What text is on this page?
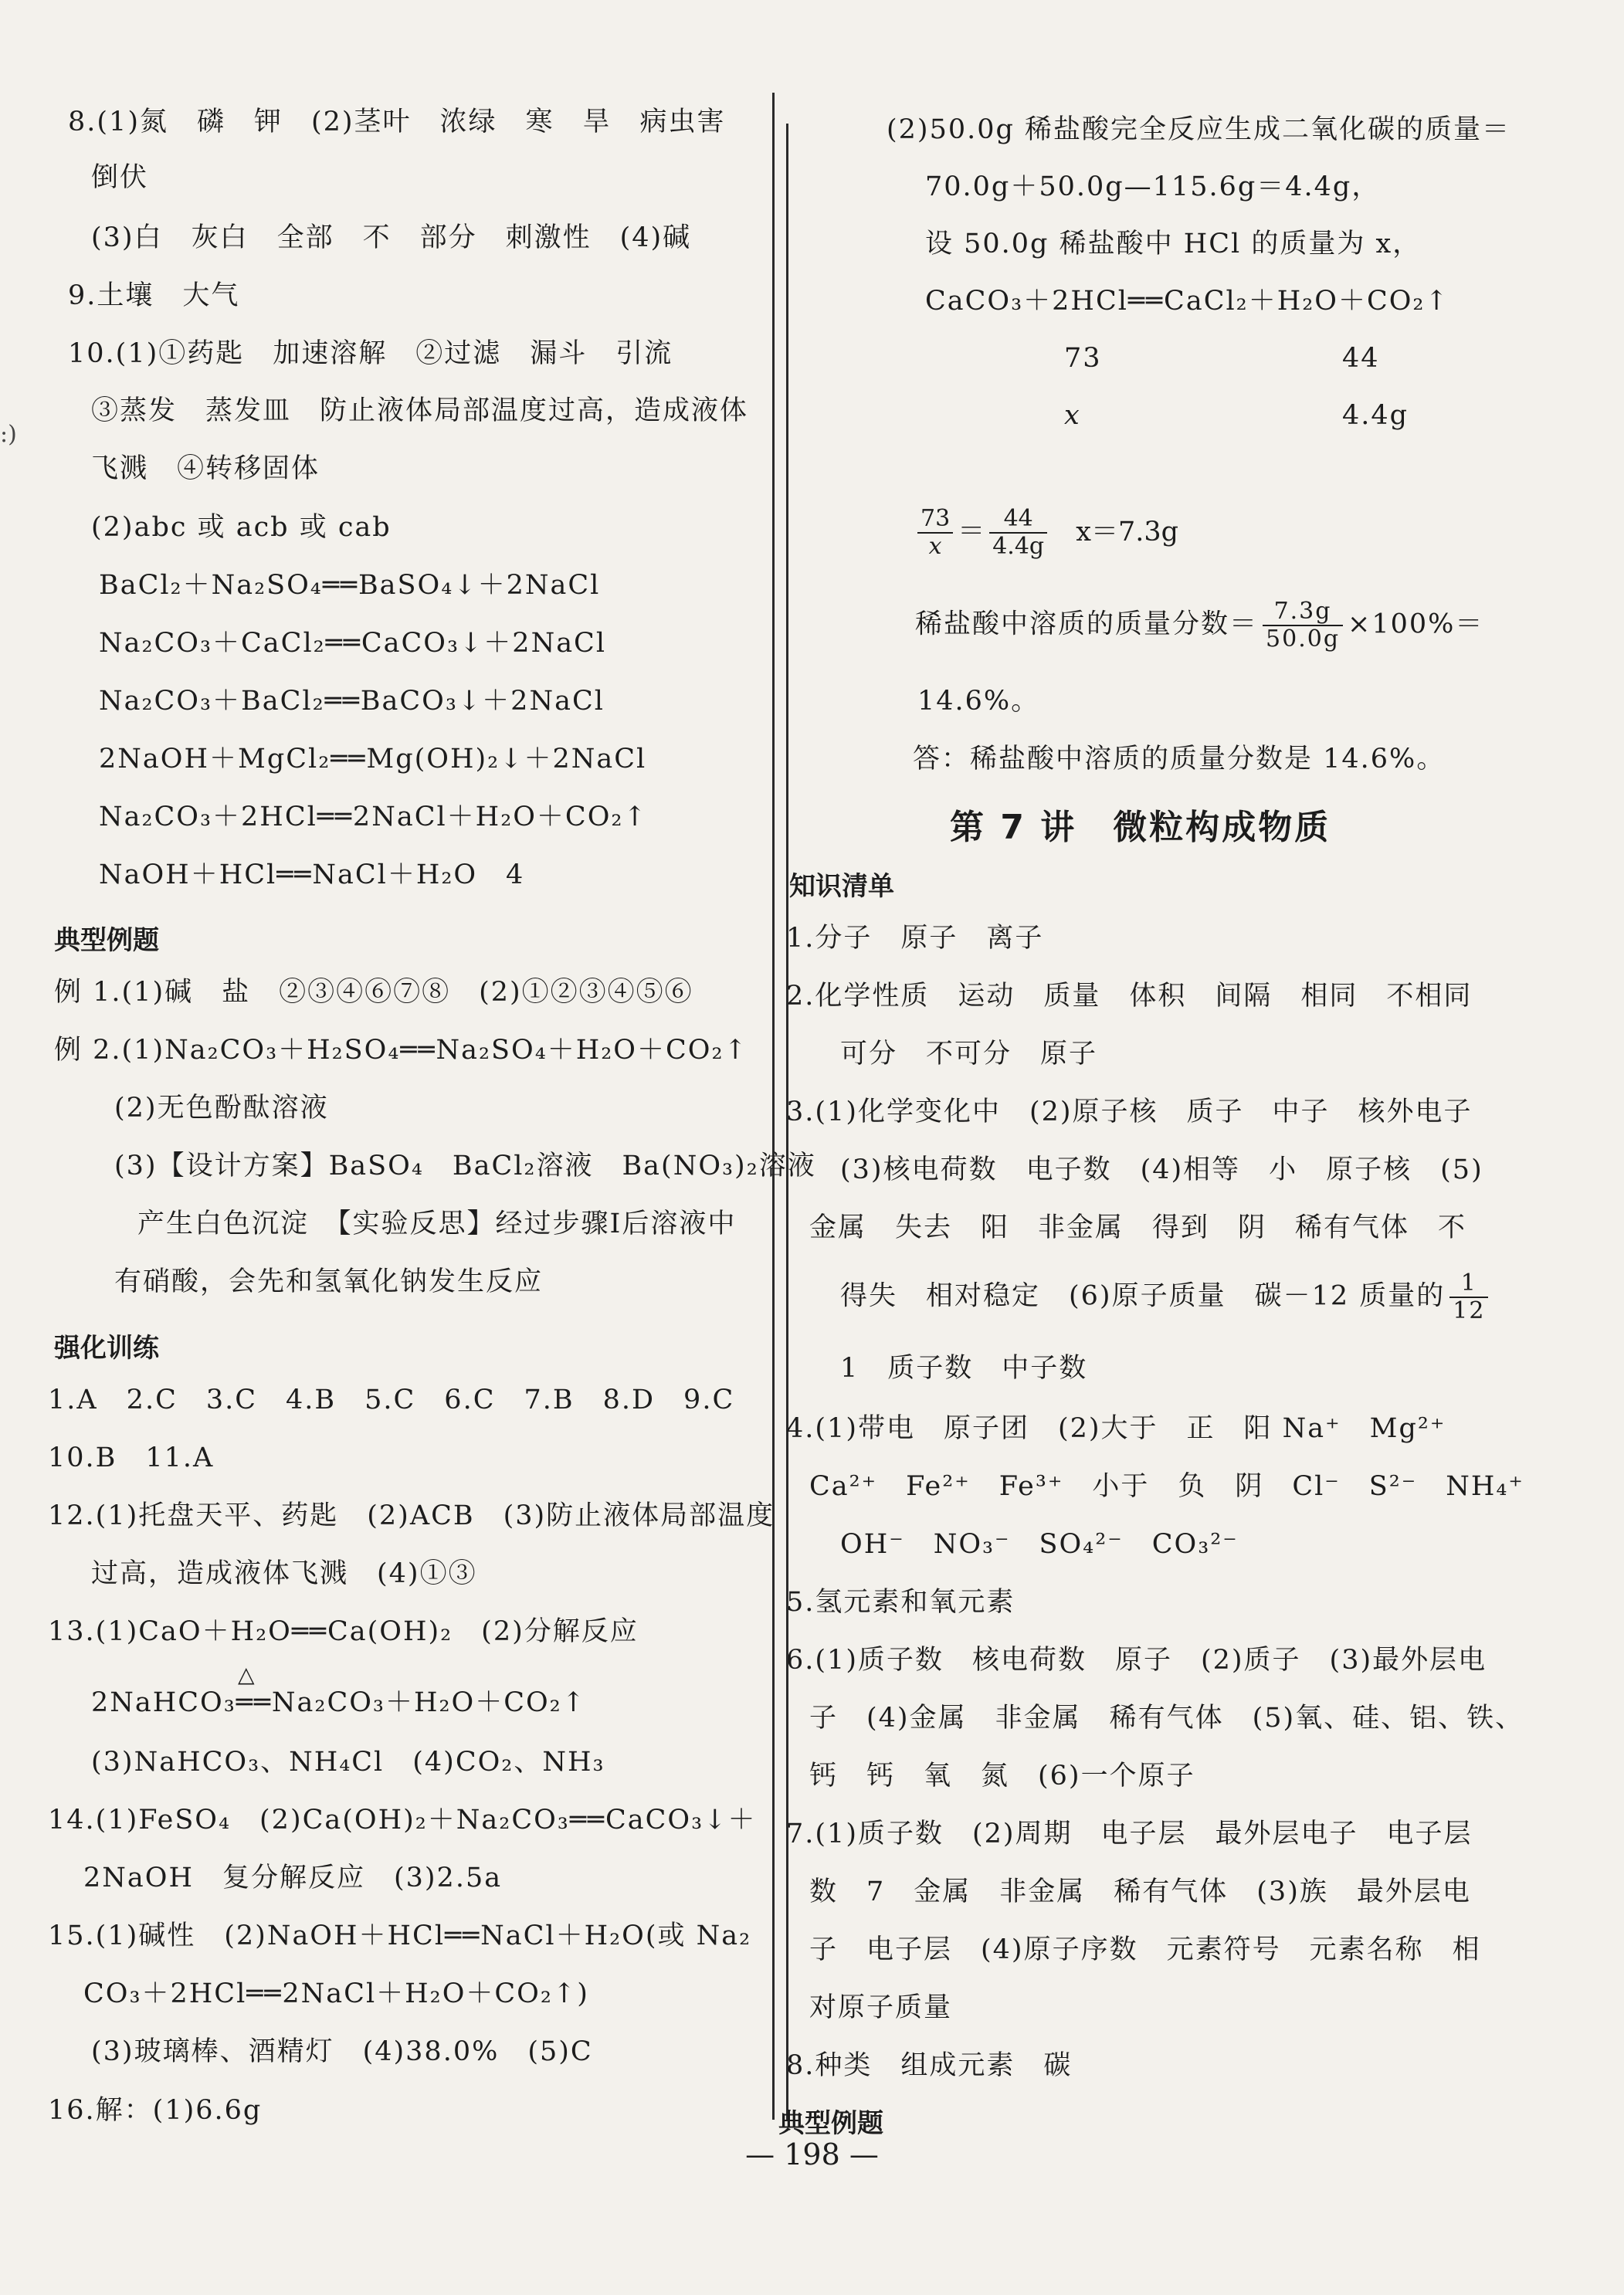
:)
8.(1)氮　磷　钾　(2)茎叶　浓绿　寒　旱　病虫害
倒伏
(3)白　灰白　全部　不　部分　刺激性　(4)碱
9.土壤　大气
10.(1)①药匙　加速溶解　②过滤　漏斗　引流
③蒸发　蒸发皿　防止液体局部温度过高，造成液体
飞溅　④转移固体
(2)abc 或 acb 或 cab
BaCl₂＋Na₂SO₄══BaSO₄↓＋2NaCl
Na₂CO₃＋CaCl₂══CaCO₃↓＋2NaCl
Na₂CO₃＋BaCl₂══BaCO₃↓＋2NaCl
2NaOH＋MgCl₂══Mg(OH)₂↓＋2NaCl
Na₂CO₃＋2HCl══2NaCl＋H₂O＋CO₂↑
NaOH＋HCl══NaCl＋H₂O　4
典型例题
例 1.(1)碱　盐　②③④⑥⑦⑧　(2)①②③④⑤⑥
例 2.(1)Na₂CO₃＋H₂SO₄══Na₂SO₄＋H₂O＋CO₂↑
(2)无色酚酞溶液
(3)【设计方案】BaSO₄　BaCl₂溶液　Ba(NO₃)₂溶液
产生白色沉淀　【实验反思】经过步骤Ⅰ后溶液中
有硝酸，会先和氢氧化钠发生反应
强化训练
1.A　2.C　3.C　4.B　5.C　6.C　7.B　8.D　9.C
10.B　11.A
12.(1)托盘天平、药匙　(2)ACB　(3)防止液体局部温度
过高，造成液体飞溅　(4)①③
13.(1)CaO＋H₂O══Ca(OH)₂　(2)分解反应
2NaHCO₃══Na₂CO₃＋H₂O＋CO₂↑
△
(3)NaHCO₃、NH₄Cl　(4)CO₂、NH₃
14.(1)FeSO₄　(2)Ca(OH)₂＋Na₂CO₃══CaCO₃↓＋
2NaOH　复分解反应　(3)2.5a
15.(1)碱性　(2)NaOH＋HCl══NaCl＋H₂O(或 Na₂
CO₃＋2HCl══2NaCl＋H₂O＋CO₂↑)
(3)玻璃棒、酒精灯　(4)38.0%　(5)C
16.解：(1)6.6g
(2)50.0g 稀盐酸完全反应生成二氧化碳的质量＝
70.0g＋50.0g—115.6g＝4.4g，
设 50.0g 稀盐酸中 HCl 的质量为 x，
CaCO₃＋2HCl══CaCl₂＋H₂O＋CO₂↑
73	44
x	4.4g
$\frac{73}{x} = \frac{44}{4.4g} x=7.3g$
稀盐酸中溶质的质量分数＝ $\frac{7.3g}{50.0g} \times 100\%=$
14.6%。
答：稀盐酸中溶质的质量分数是 14.6%。
第 7 讲　微粒构成物质
知识清单
1.分子　原子　离子
2.化学性质　运动　质量　体积　间隔　相同　不相同
可分　不可分　原子
3.(1)化学变化中　(2)原子核　质子　中子　核外电子
(3)核电荷数　电子数　(4)相等　小　原子核　(5)
金属　失去　阳　非金属　得到　阴　稀有气体　不
得失　相对稳定　(6)原子质量　碳－12 质量的 $\frac{1}{12}$
1　质子数　中子数
4.(1)带电　原子团　(2)大于　正　阳 Na⁺　Mg²⁺
Ca²⁺　Fe²⁺　Fe³⁺　小于　负　阴　Cl⁻　S²⁻　NH₄⁺
OH⁻　NO₃⁻　SO₄²⁻　CO₃²⁻
5.氢元素和氧元素
6.(1)质子数　核电荷数　原子　(2)质子　(3)最外层电
子　(4)金属　非金属　稀有气体　(5)氧、硅、铝、铁、
钙　钙　氧　氮　(6)一个原子
7.(1)质子数　(2)周期　电子层　最外层电子　电子层
数　7　金属　非金属　稀有气体　(3)族　最外层电
子　电子层　(4)原子序数　元素符号　元素名称　相
对原子质量
8.种类　组成元素　碳
典型例题
— 198 —
